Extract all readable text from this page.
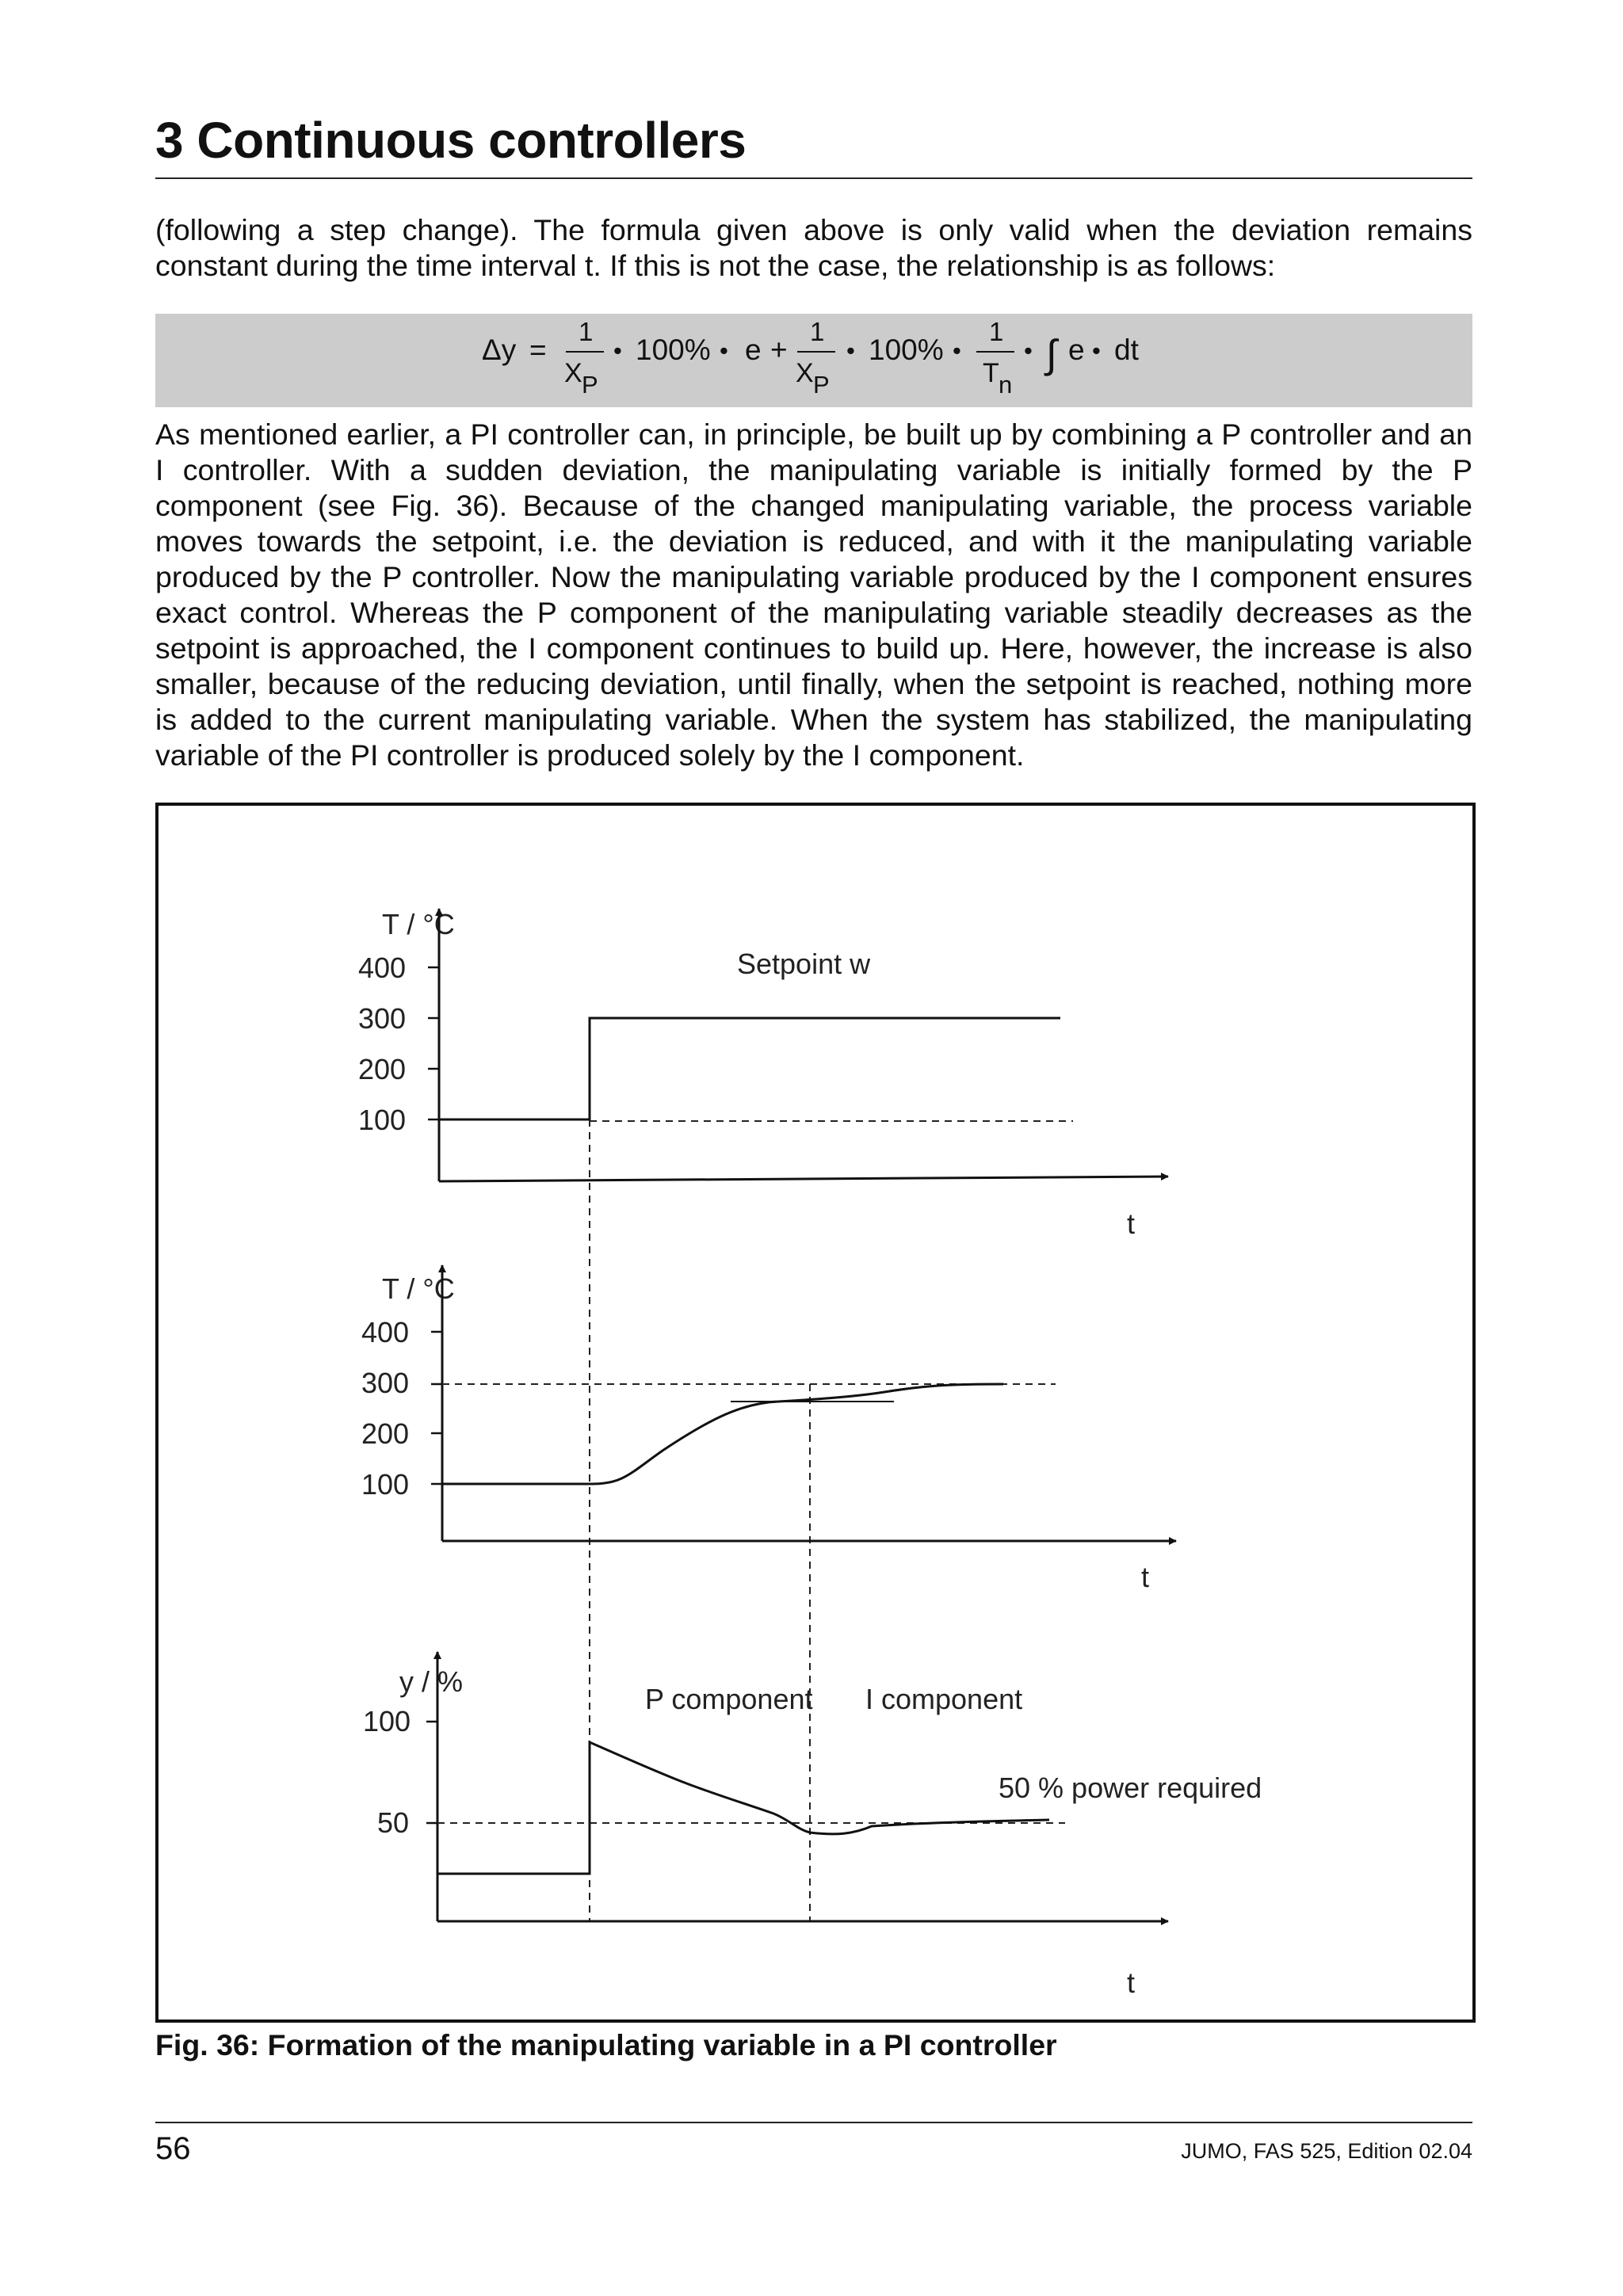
3 Continuous controllers

(following a step change). The formula given above is only valid when the deviation remains constant during the time interval t. If this is not the case, the relationship is as follows:

Δy =
1
X P
• 100% • e +
1
X P
• 100% •
1
T n
• ∫ e • dt

As mentioned earlier, a PI controller can, in principle, be built up by combining a P controller and an I controller. With a sudden deviation, the manipulating variable is initially formed by the P component (see Fig. 36). Because of the changed manipulating variable, the process variable moves towards the setpoint, i.e. the deviation is reduced, and with it the manipulating variable produced by the P controller. Now the manipulating variable produced by the I component ensures exact control. Whereas the P component of the manipulating variable steadily decreases as the setpoint is approached, the I component continues to build up. Here, however, the increase is also smaller, because of the reducing deviation, until finally, when the setpoint is reached, nothing more is added to the current manipulating variable. When the system has stabilized, the manipulating variable of the PI controller is produced solely by the I component.

T / °C
400
300
200
100
Setpoint w
t
T / °C
400
300
200
100
t
y / %
100
50
P component I component
50 % power required
t

Fig. 36: Formation of the manipulating variable in a PI controller

56	JUMO, FAS 525, Edition 02.04
